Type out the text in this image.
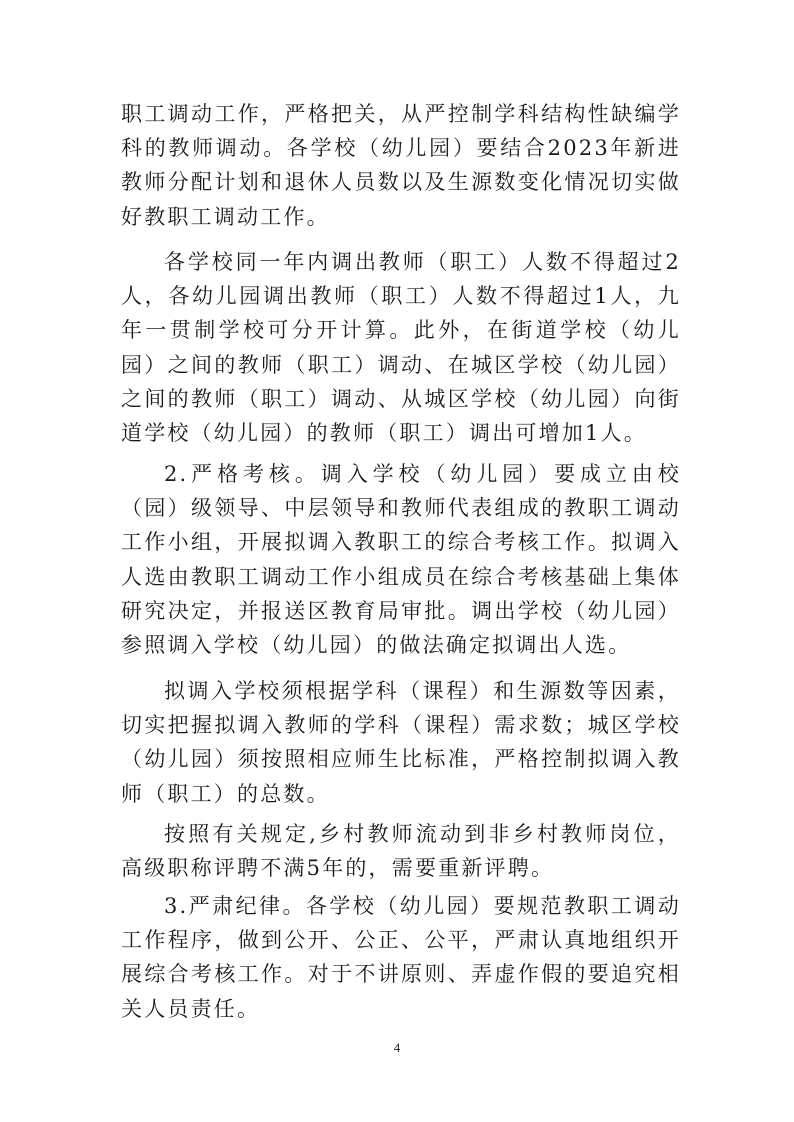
职工调动工作，严格把关，从严控制学科结构性缺编学科的教师调动。各学校（幼儿园）要结合2023年新进教师分配计划和退休人员数以及生源数变化情况切实做好教职工调动工作。

各学校同一年内调出教师（职工）人数不得超过2人，各幼儿园调出教师（职工）人数不得超过1人，九年一贯制学校可分开计算。此外，在街道学校（幼儿园）之间的教师（职工）调动、在城区学校（幼儿园）之间的教师（职工）调动、从城区学校（幼儿园）向街道学校（幼儿园）的教师（职工）调出可增加1人。

2.严格考核。调入学校（幼儿园）要成立由校（园）级领导、中层领导和教师代表组成的教职工调动工作小组，开展拟调入教职工的综合考核工作。拟调入人选由教职工调动工作小组成员在综合考核基础上集体研究决定，并报送区教育局审批。调出学校（幼儿园）参照调入学校（幼儿园）的做法确定拟调出人选。

拟调入学校须根据学科（课程）和生源数等因素，切实把握拟调入教师的学科（课程）需求数；城区学校（幼儿园）须按照相应师生比标准，严格控制拟调入教师（职工）的总数。

按照有关规定,乡村教师流动到非乡村教师岗位，高级职称评聘不满5年的，需要重新评聘。

3.严肃纪律。各学校（幼儿园）要规范教职工调动工作程序，做到公开、公正、公平，严肃认真地组织开展综合考核工作。对于不讲原则、弄虚作假的要追究相关人员责任。

4
